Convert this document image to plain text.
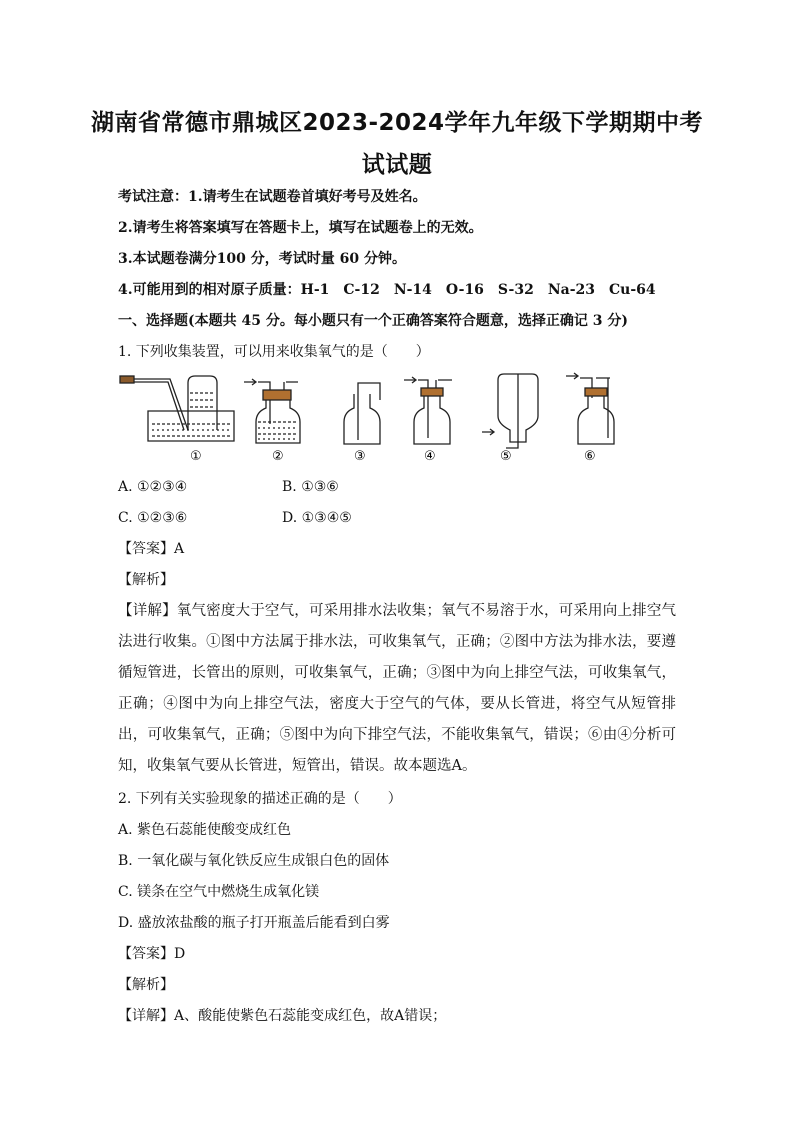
湖南省常德市鼎城区2023-2024学年九年级下学期期中考
试试题
考试注意：1.请考生在试题卷首填好考号及姓名。
2.请考生将答案填写在答题卡上，填写在试题卷上的无效。
3.本试题卷满分100 分，考试时量 60 分钟。
4.可能用到的相对原子质量：H-1　C-12　N-14　O-16　S-32　Na-23　Cu-64
一、选择题(本题共 45 分。每小题只有一个正确答案符合题意，选择正确记 3 分)
1. 下列收集装置，可以用来收集氧气的是（　　）
①	②	③	④	⑤	⑥
A. ①②③④	B. ①③⑥
C. ①②③⑥	D. ①③④⑤
【答案】A
【解析】
【详解】氧气密度大于空气，可采用排水法收集；氧气不易溶于水，可采用向上排空气法进行收集。①图中方法属于排水法，可收集氧气，正确；②图中方法为排水法，要遵循短管进，长管出的原则，可收集氧气，正确；③图中为向上排空气法，可收集氧气，正确；④图中为向上排空气法，密度大于空气的气体，要从长管进，将空气从短管排出，可收集氧气，正确；⑤图中为向下排空气法，不能收集氧气，错误；⑥由④分析可知，收集氧气要从长管进，短管出，错误。故本题选A。
2. 下列有关实验现象的描述正确的是（　　）
A. 紫色石蕊能使酸变成红色
B. 一氧化碳与氧化铁反应生成银白色的固体
C. 镁条在空气中燃烧生成氧化镁
D. 盛放浓盐酸的瓶子打开瓶盖后能看到白雾
【答案】D
【解析】
【详解】A、酸能使紫色石蕊能变成红色，故A错误；
